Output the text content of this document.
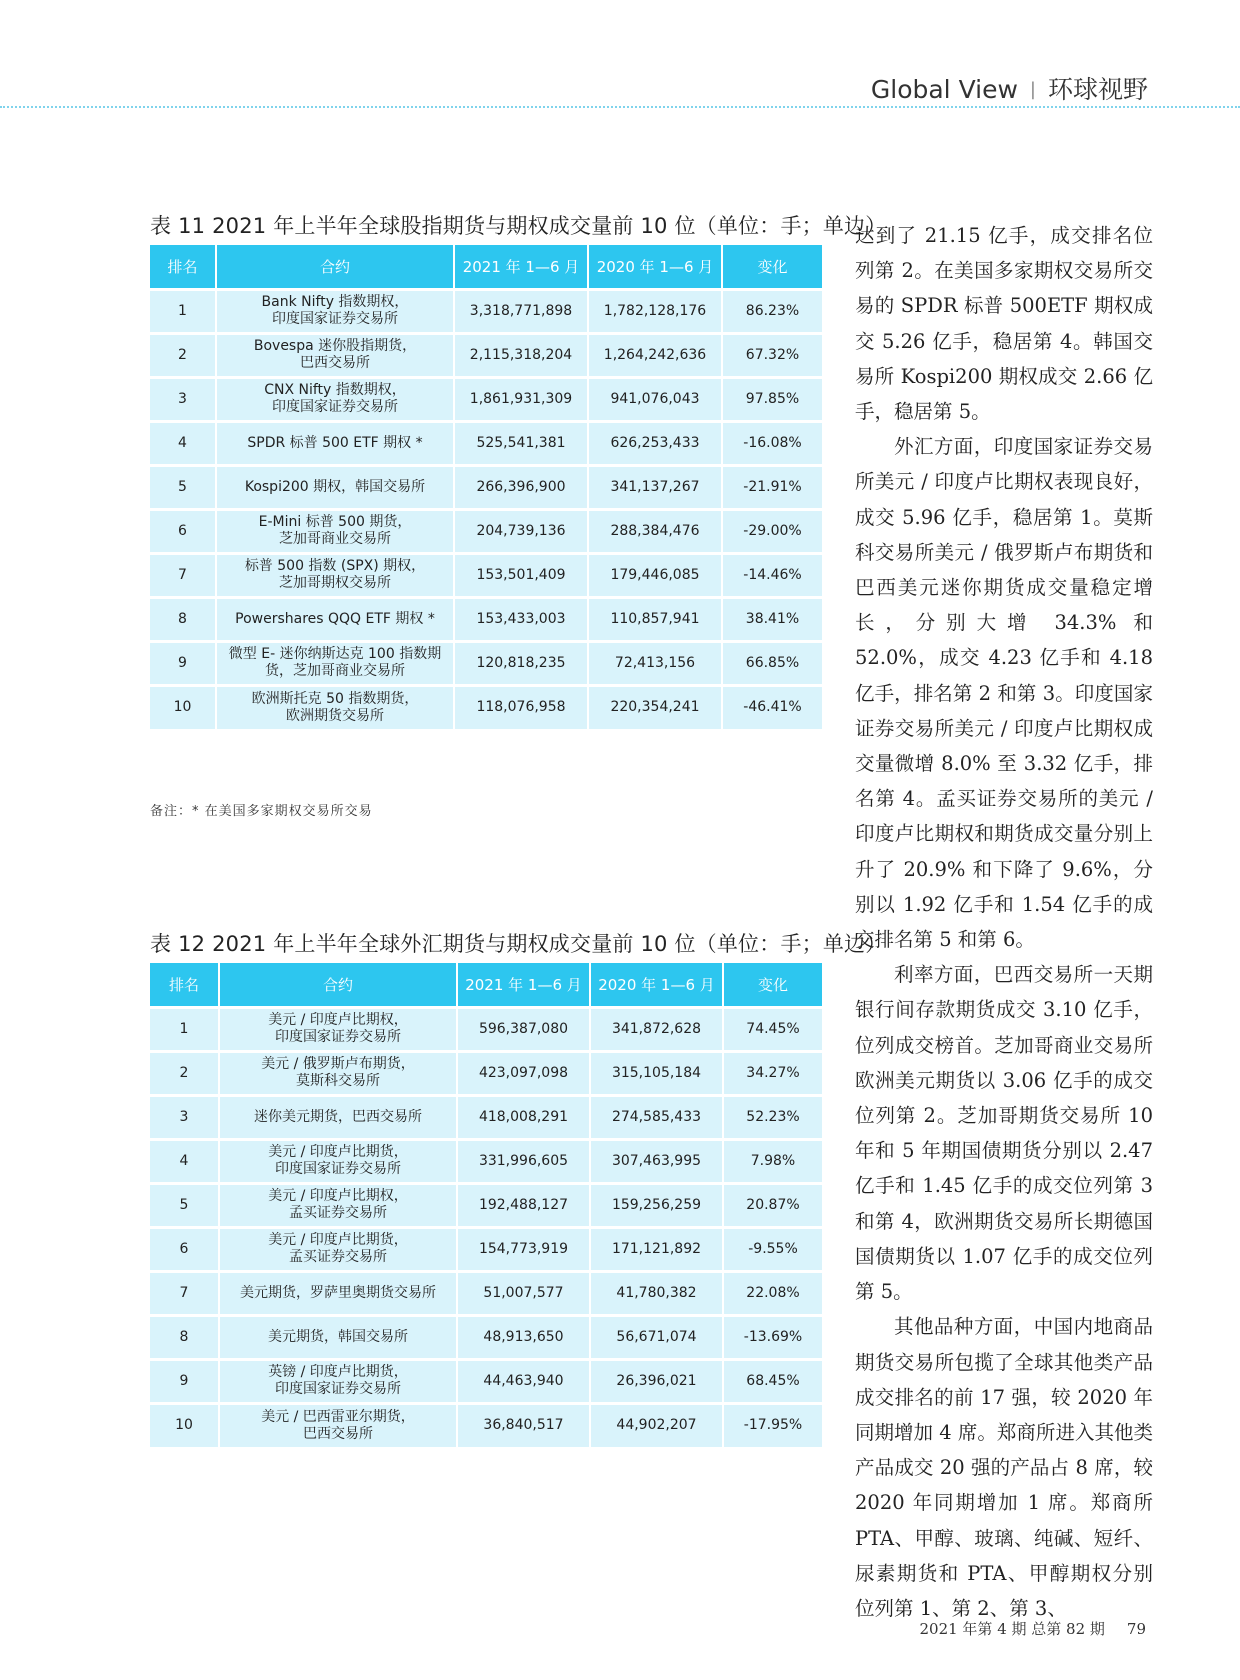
Global View | 环球视野
表 11 2021 年上半年全球股指期货与期权成交量前 10 位（单位：手；单边）
排名	合约	2021 年 1—6 月	2020 年 1—6 月	变化
1	Bank Nifty 指数期权，
印度国家证券交易所	3,318,771,898	1,782,128,176	86.23%
2	Bovespa 迷你股指期货，
巴西交易所	2,115,318,204	1,264,242,636	67.32%
3	CNX Nifty 指数期权，
印度国家证券交易所	1,861,931,309	941,076,043	97.85%
4	SPDR 标普 500 ETF 期权 *	525,541,381	626,253,433	-16.08%
5	Kospi200 期权，韩国交易所	266,396,900	341,137,267	-21.91%
6	E-Mini 标普 500 期货，
芝加哥商业交易所	204,739,136	288,384,476	-29.00%
7	标普 500 指数 (SPX) 期权，
芝加哥期权交易所	153,501,409	179,446,085	-14.46%
8	Powershares QQQ ETF 期权 *	153,433,003	110,857,941	38.41%
9	微型 E- 迷你纳斯达克 100 指数期
货，芝加哥商业交易所	120,818,235	72,413,156	66.85%
10	欧洲斯托克 50 指数期货，
欧洲期货交易所	118,076,958	220,354,241	-46.41%
备注：* 在美国多家期权交易所交易
表 12 2021 年上半年全球外汇期货与期权成交量前 10 位（单位：手；单边）
排名	合约	2021 年 1—6 月	2020 年 1—6 月	变化
1	美元 / 印度卢比期权，
印度国家证券交易所	596,387,080	341,872,628	74.45%
2	美元 / 俄罗斯卢布期货，
莫斯科交易所	423,097,098	315,105,184	34.27%
3	迷你美元期货，巴西交易所	418,008,291	274,585,433	52.23%
4	美元 / 印度卢比期货，
印度国家证券交易所	331,996,605	307,463,995	7.98%
5	美元 / 印度卢比期权，
孟买证券交易所	192,488,127	159,256,259	20.87%
6	美元 / 印度卢比期货，
孟买证券交易所	154,773,919	171,121,892	-9.55%
7	美元期货，罗萨里奥期货交易所	51,007,577	41,780,382	22.08%
8	美元期货，韩国交易所	48,913,650	56,671,074	-13.69%
9	英镑 / 印度卢比期货，
印度国家证券交易所	44,463,940	26,396,021	68.45%
10	美元 / 巴西雷亚尔期货，
巴西交易所	36,840,517	44,902,207	-17.95%

达到了 21.15 亿手，成交排名位列第 2。在美国多家期权交易所交易的 SPDR 标普 500ETF 期权成交 5.26 亿手，稳居第 4。韩国交易所 Kospi200 期权成交 2.66 亿手，稳居第 5。

外汇方面，印度国家证券交易所美元 / 印度卢比期权表现良好，成交 5.96 亿手，稳居第 1。莫斯科交易所美元 / 俄罗斯卢布期货和巴西美元迷你期货成交量稳定增长，分别大增 34.3% 和 52.0%，成交 4.23 亿手和 4.18 亿手，排名第 2 和第 3。印度国家证券交易所美元 / 印度卢比期权成交量微增 8.0% 至 3.32 亿手，排名第 4。孟买证券交易所的美元 / 印度卢比期权和期货成交量分别上升了 20.9% 和下降了 9.6%，分别以 1.92 亿手和 1.54 亿手的成交排名第 5 和第 6。

利率方面，巴西交易所一天期银行间存款期货成交 3.10 亿手，位列成交榜首。芝加哥商业交易所欧洲美元期货以 3.06 亿手的成交位列第 2。芝加哥期货交易所 10 年和 5 年期国债期货分别以 2.47 亿手和 1.45 亿手的成交位列第 3 和第 4，欧洲期货交易所长期德国国债期货以 1.07 亿手的成交位列第 5。

其他品种方面，中国内地商品期货交易所包揽了全球其他类产品成交排名的前 17 强，较 2020 年同期增加 4 席。郑商所进入其他类产品成交 20 强的产品占 8 席，较 2020 年同期增加 1 席。郑商所 PTA、甲醇、玻璃、纯碱、短纤、尿素期货和 PTA、甲醇期权分别位列第 1、第 2、第 3、

2021 年第 4 期 总第 82 期 79
